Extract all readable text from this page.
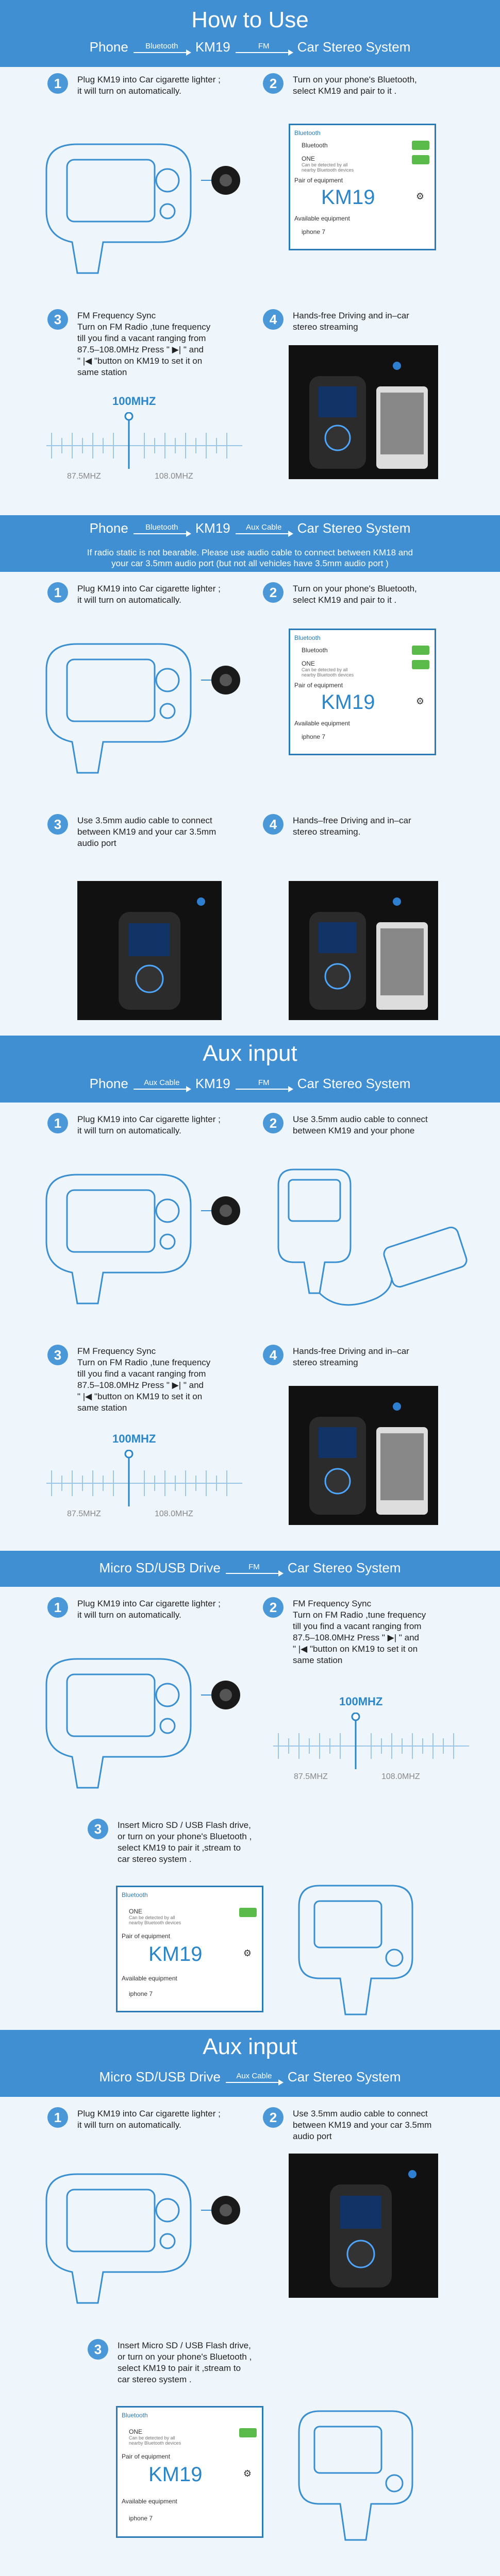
How to Use
Phone Bluetooth KM19	FM Car Stereo System
1	Plug KM19 into Car cigarette lighter ;
it will turn on automatically.	2	Turn on your phone's Bluetooth,
select KM19 and pair to it .
Bluetooth
Bluetooth
ONE
Can be detected by all
nearby Bluetooth devices
Pair of equipment
KM19	⚙
Available equipment
iphone 7
3	FM Frequency Sync
Turn on FM Radio ,tune frequency
till you find a vacant ranging from
87.5–108.0MHz Press " ▶| " and
" |◀ "button on KM19 to set it on
same station
100MHZ
87.5MHZ	108.0MHZ
4	Hands-free Driving and in–car
stereo streaming
Phone Bluetooth KM19 Aux Cable Car Stereo System
If radio static is not bearable. Please use audio cable to connect between KM18 and
your car 3.5mm audio port (but not all vehicles have 3.5mm audio port )
1	Plug KM19 into Car cigarette lighter ;
it will turn on automatically.	2	Turn on your phone's Bluetooth,
select KM19 and pair to it .
Bluetooth
Bluetooth
ONE
Can be detected by all
nearby Bluetooth devices
Pair of equipment
KM19	⚙
Available equipment
iphone 7
3	Use 3.5mm audio cable to connect
between KM19 and your car 3.5mm
audio port
4	Hands–free Driving and in–car
stereo streaming.
Aux input
Phone Aux Cable KM19	FM Car Stereo System
1	Plug KM19 into Car cigarette lighter ;
it will turn on automatically.	2	Use 3.5mm audio cable to connect
between KM19 and your phone
3	FM Frequency Sync
Turn on FM Radio ,tune frequency
till you find a vacant ranging from
87.5–108.0MHz Press " ▶| " and
" |◀ "button on KM19 to set it on
same station
100MHZ
87.5MHZ	108.0MHZ
4	Hands-free Driving and in–car
stereo streaming
Micro SD/USB Drive	FM Car Stereo System
1	Plug KM19 into Car cigarette lighter ;
it will turn on automatically.	2	FM Frequency Sync
Turn on FM Radio ,tune frequency
till you find a vacant ranging from
87.5–108.0MHz Press " ▶| " and
" |◀ "button on KM19 to set it on
same station
100MHZ
87.5MHZ	108.0MHZ
3	Insert Micro SD / USB Flash drive,
or turn on your phone's Bluetooth ,
select KM19 to pair it ,stream to
car stereo system .
Bluetooth
ONE
Can be detected by all
nearby Bluetooth devices
Pair of equipment
KM19	⚙
Available equipment
iphone 7
Aux input
Micro SD/USB Drive Aux Cable Car Stereo System
1	Plug KM19 into Car cigarette lighter ;
it will turn on automatically.	2	Use 3.5mm audio cable to connect
between KM19 and your car 3.5mm
audio port
3	Insert Micro SD / USB Flash drive,
or turn on your phone's Bluetooth ,
select KM19 to pair it ,stream to
car stereo system .
Bluetooth
ONE
Can be detected by all
nearby Bluetooth devices
Pair of equipment
KM19	⚙
Available equipment
iphone 7
